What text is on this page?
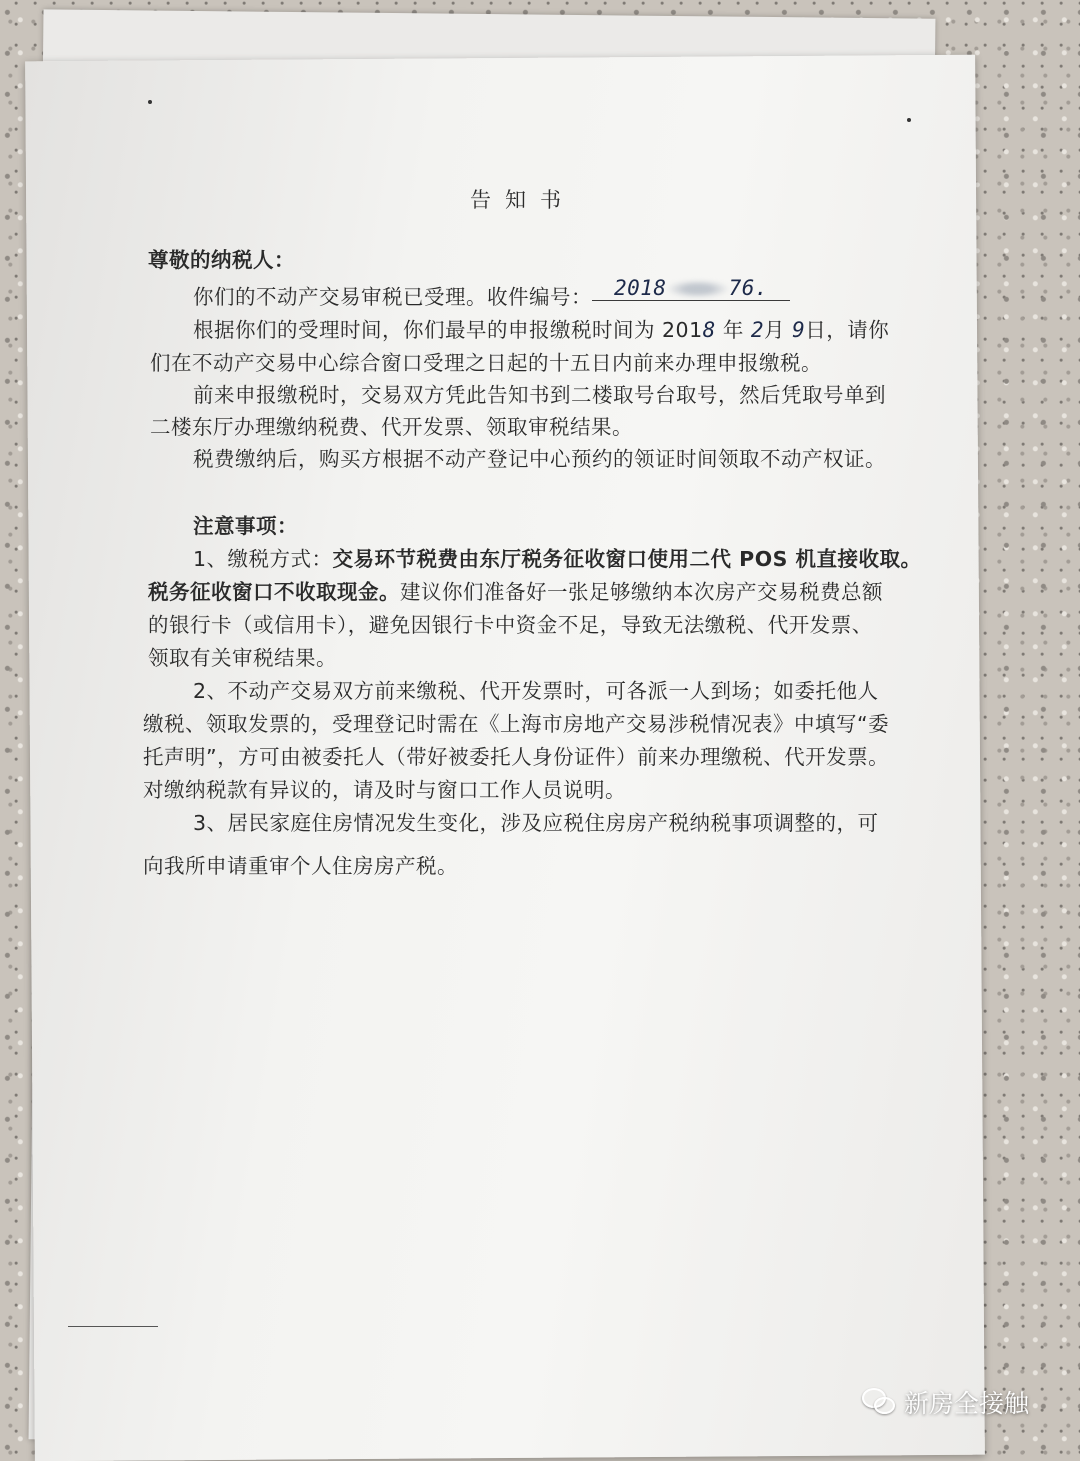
告知书
尊敬的纳税人：
你们的不动产交易审税已受理。收件编号： 2018	76.
根据你们的受理时间，你们最早的申报缴税时间为 2018 年 2月 9日，请你
们在不动产交易中心综合窗口受理之日起的十五日内前来办理申报缴税。
前来申报缴税时，交易双方凭此告知书到二楼取号台取号，然后凭取号单到
二楼东厅办理缴纳税费、代开发票、领取审税结果。
税费缴纳后，购买方根据不动产登记中心预约的领证时间领取不动产权证。
注意事项：
1、缴税方式：交易环节税费由东厅税务征收窗口使用二代 POS 机直接收取。
税务征收窗口不收取现金。建议你们准备好一张足够缴纳本次房产交易税费总额
的银行卡（或信用卡），避免因银行卡中资金不足，导致无法缴税、代开发票、
领取有关审税结果。
2、不动产交易双方前来缴税、代开发票时，可各派一人到场；如委托他人
缴税、领取发票的，受理登记时需在《上海市房地产交易涉税情况表》中填写“委
托声明”，方可由被委托人（带好被委托人身份证件）前来办理缴税、代开发票。
对缴纳税款有异议的，请及时与窗口工作人员说明。
3、居民家庭住房情况发生变化，涉及应税住房房产税纳税事项调整的，可
向我所申请重审个人住房房产税。
新房全接触
